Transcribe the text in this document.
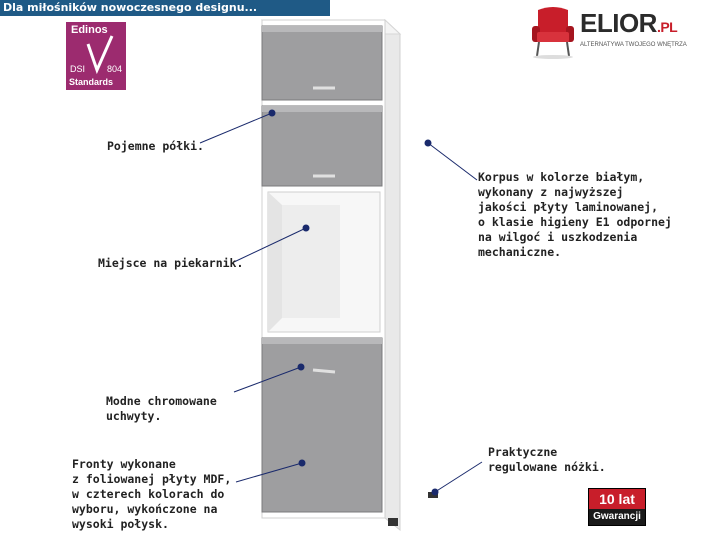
Dla miłośników nowoczesnego designu...
Edinos
DSI 804
Standards
ELIOR.PL
ALTERNATYWA TWOJEGO WNĘTRZA
Pojemne półki.
Miejsce na piekarnik.
Modne chromowane
uchwyty.
Fronty wykonane
z foliowanej płyty MDF,
w czterech kolorach do
wyboru, wykończone na
wysoki połysk.
Korpus w kolorze białym,
wykonany z najwyższej
jakości płyty laminowanej,
o klasie higieny E1 odpornej
na wilgoć i uszkodzenia
mechaniczne.
Praktyczne
regulowane nóżki.
10 lat
Gwarancji
